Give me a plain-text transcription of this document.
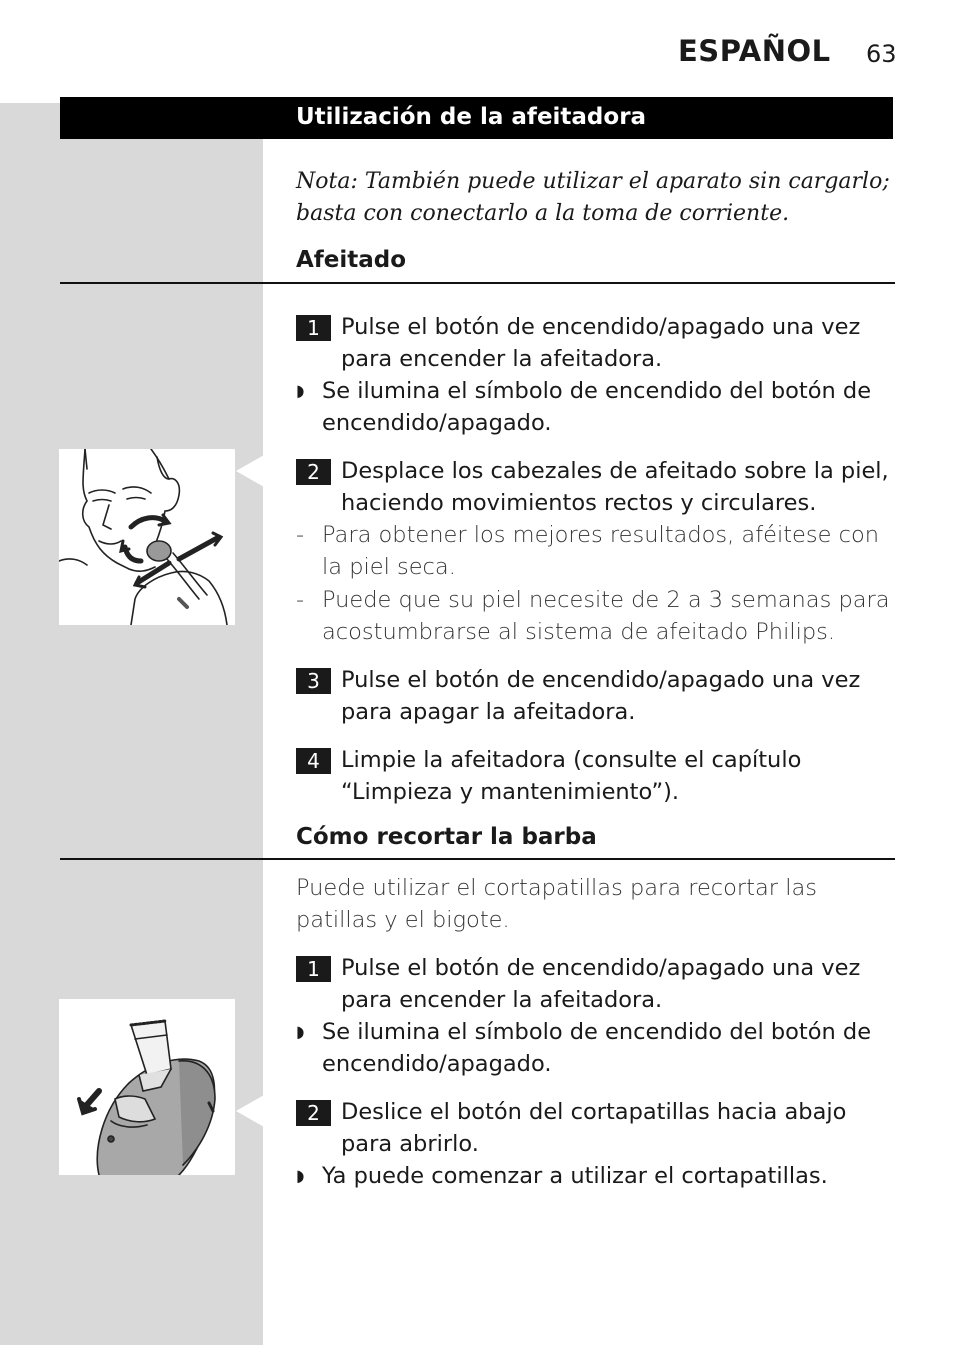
ESPAÑOL 63
Utilización de la afeitadora
Nota: También puede utilizar el aparato sin cargarlo; basta con conectarlo a la toma de corriente.
Afeitado
1 Pulse el botón de encendido/apagado una vez para encender la afeitadora.
◗ Se ilumina el símbolo de encendido del botón de encendido/apagado.
2 Desplace los cabezales de afeitado sobre la piel, haciendo movimientos rectos y circulares.
- Para obtener los mejores resultados, aféitese con la piel seca.
- Puede que su piel necesite de 2 a 3 semanas para acostumbrarse al sistema de afeitado Philips.
3 Pulse el botón de encendido/apagado una vez para apagar la afeitadora.
4 Limpie la afeitadora (consulte el capítulo “Limpieza y mantenimiento”).
Cómo recortar la barba
Puede utilizar el cortapatillas para recortar las patillas y el bigote.
1 Pulse el botón de encendido/apagado una vez para encender la afeitadora.
◗ Se ilumina el símbolo de encendido del botón de encendido/apagado.
2 Deslice el botón del cortapatillas hacia abajo para abrirlo.
◗ Ya puede comenzar a utilizar el cortapatillas.
